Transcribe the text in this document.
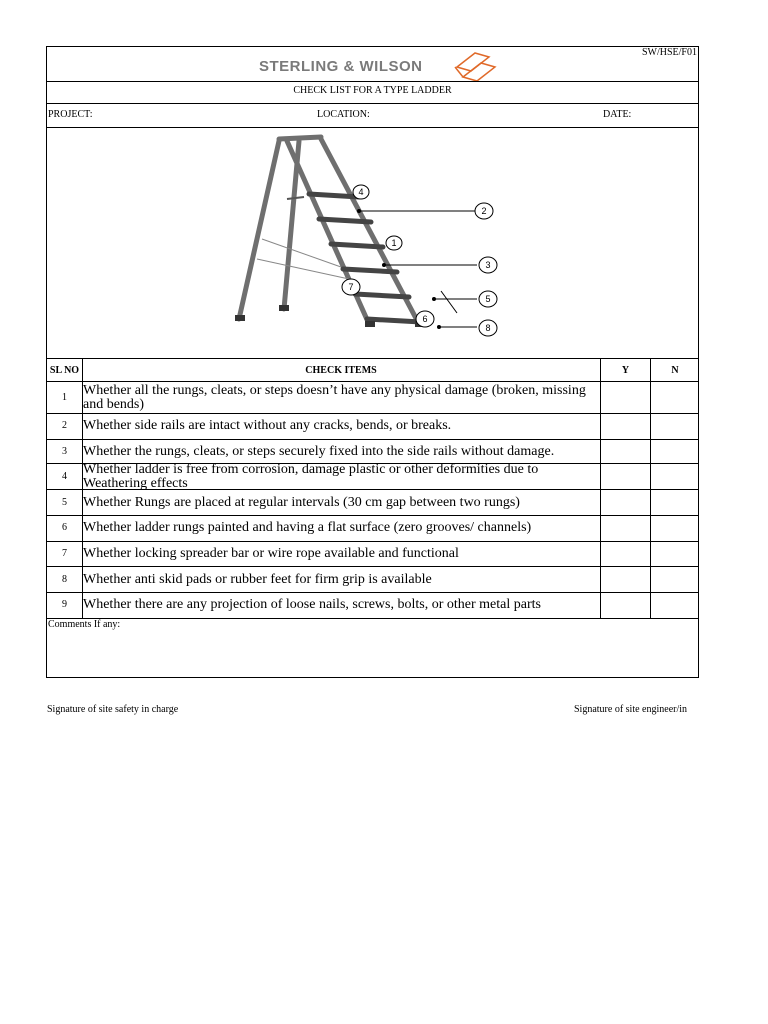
SW/HSE/F01
STERLING & WILSON
CHECK LIST FOR A TYPE LADDER
PROJECT:	LOCATION:	DATE:
1
2
3
4
5
6
7
8
SL NO	CHECK ITEMS	Y	N
1	Whether all the rungs, cleats, or steps doesn’t have any physical damage (broken, missing and bends)
2	Whether side rails are intact without any cracks, bends, or breaks.
3	Whether the rungs, cleats, or steps securely fixed into the side rails without damage.
4	Whether ladder is free from corrosion, damage plastic or other deformities due to Weathering effects
5	Whether Rungs are placed at regular intervals (30 cm gap between two rungs)
6	Whether ladder rungs painted and having a flat surface (zero grooves/ channels)
7	Whether locking spreader bar or wire rope available and functional
8	Whether anti skid pads or rubber feet for firm grip is available
9	Whether there are any projection of loose nails, screws, bolts, or other metal parts
Comments If any:
Signature of site safety in charge	Signature of site engineer/in
